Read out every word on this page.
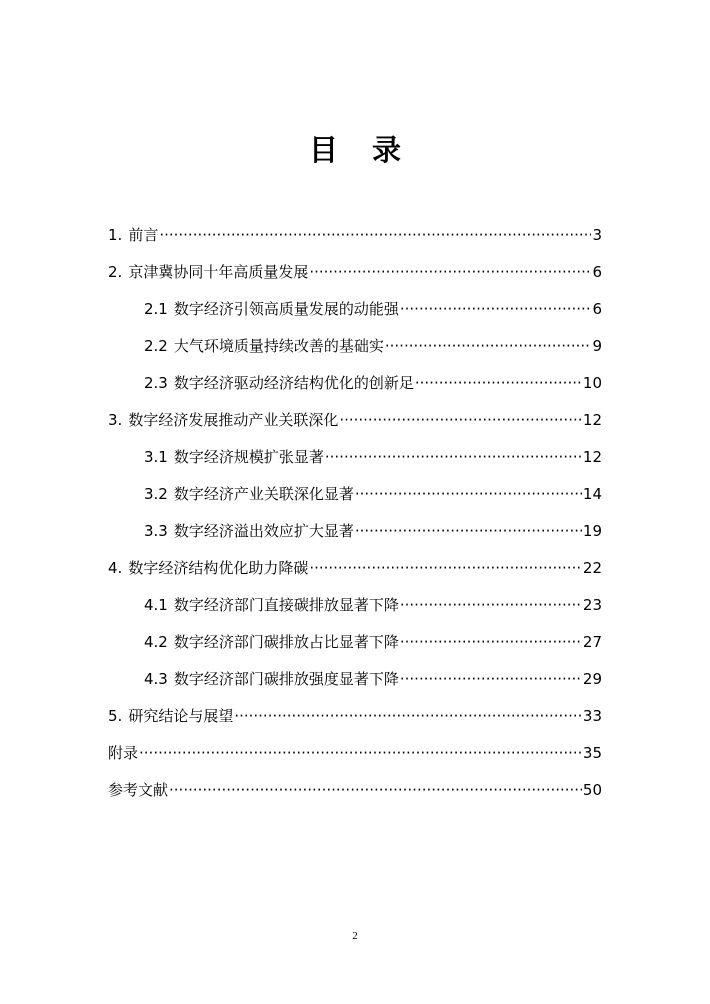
目录
1. 前言 ·····	3
2. 京津冀协同十年高质量发展 ·····	6
2.1 数字经济引领高质量发展的动能强 ·····	6
2.2 大气环境质量持续改善的基础实 ·····	9
2.3 数字经济驱动经济结构优化的创新足 ·····	10
3. 数字经济发展推动产业关联深化 ·····	12
3.1 数字经济规模扩张显著 ·····	12
3.2 数字经济产业关联深化显著 ·····	14
3.3 数字经济溢出效应扩大显著 ·····	19
4. 数字经济结构优化助力降碳 ·····	22
4.1 数字经济部门直接碳排放显著下降 ·····	23
4.2 数字经济部门碳排放占比显著下降 ·····	27
4.3 数字经济部门碳排放强度显著下降 ·····	29
5. 研究结论与展望 ·····	33
附录 ·····	35
参考文献 ·····	50
2
